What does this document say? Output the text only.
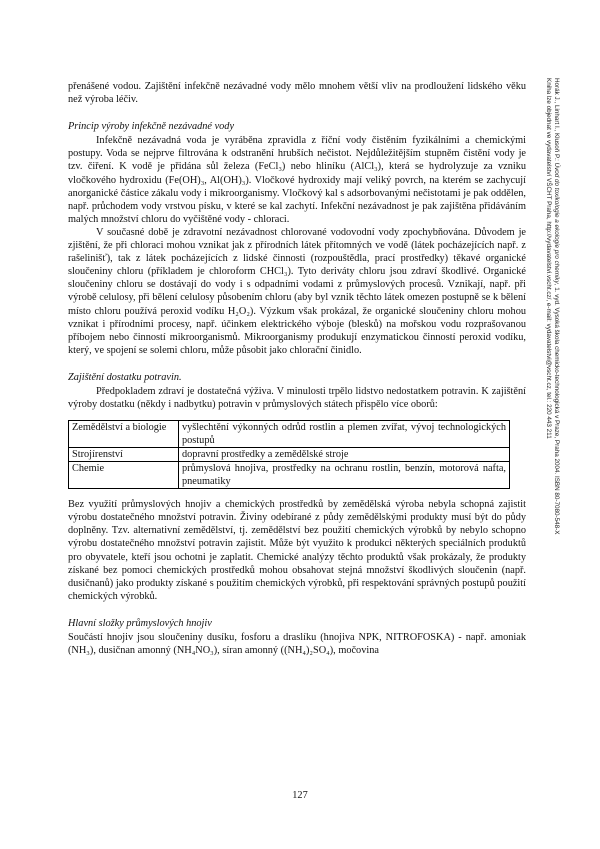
přenášené vodou. Zajištění infekčně nezávadné vody mělo mnohem větší vliv na prodloužení lidského věku než výroba léčiv.

Princip výroby infekčně nezávadné vody

Infekčně nezávadná voda je vyráběna zpravidla z říční vody čistěním fyzikálními a chemickými postupy. Voda se nejprve filtrována k odstranění hrubších nečistot. Nejdůležitějším stupněm čistění vody je tzv. čiření. K vodě je přidána sůl železa (FeCl₃) nebo hliníku (AlCl₃), která se hydrolyzuje za vzniku vločkového hydroxidu (Fe(OH)₃, Al(OH)₃). Vločkové hydroxidy mají veliký povrch, na kterém se zachycují anorganické částice zákalu vody i mikroorganismy. Vločkový kal s adsorbovanými nečistotami je pak oddělen, např. průchodem vody vrstvou písku, v které se kal zachytí. Infekční nezávadnost je pak zajištěna přidáváním malých množství chloru do vyčištěné vody - chloraci.

V současné době je zdravotní nezávadnost chlorované vodovodní vody zpochybňována. Důvodem je zjištění, že při chloraci mohou vznikat jak z přírodních látek přítomných ve vodě (látek pocházejících např. z rašelinišť), tak z látek pocházejících z lidské činnosti (rozpouštědla, prací prostředky) těkavé organické sloučeniny chloru (příkladem je chloroform CHCl₃). Tyto deriváty chloru jsou zdraví škodlivé. Organické sloučeniny chloru se dostávají do vody i s odpadními vodami z průmyslových procesů. Vznikají, např. při výrobě celulosy, při bělení celulosy působením chloru (aby byl vznik těchto látek omezen postupně se k bělení místo chloru používá peroxid vodíku H₂O₂). Výzkum však prokázal, že organické sloučeniny chloru mohou vznikat i přírodními procesy, např. účinkem elektrického výboje (blesků) na mořskou vodu rozprašovanou příbojem nebo činností mikroorganismů. Mikroorganismy produkují enzymatickou činností peroxid vodíku, který, ve spojení se solemi chloru, může působit jako chlorační činidlo.

Zajištění dostatku potravin.

Předpokladem zdraví je dostatečná výživa. V minulosti trpělo lidstvo nedostatkem potravin. K zajištění výroby dostatku (někdy i nadbytku) potravin v průmyslových státech přispělo více oborů:

Zemědělství a biologie	vyšlechtění výkonných odrůd rostlin a plemen zvířat, vývoj technologických postupů
Strojírenství	dopravní prostředky a zemědělské stroje
Chemie	průmyslová hnojiva, prostředky na ochranu rostlin, benzín, motorová nafta, pneumatiky

Bez využití průmyslových hnojiv a chemických prostředků by zemědělská výroba nebyla schopná zajistit výrobu dostatečného množství potravin. Živiny odebírané z půdy zemědělskými produkty musí být do půdy doplněny. Tzv. alternativní zemědělství, tj. zemědělství bez použití chemických výrobků by nebylo schopno výrobu dostatečného množství potravin zajistit. Může být využito k produkci některých speciálních produktů pro obyvatele, kteří jsou ochotni je zaplatit. Chemické analýzy těchto produktů však prokázaly, že produkty získané bez pomoci chemických prostředků mohou obsahovat stejná množství škodlivých sloučenin (např. dusičnanů) jako produkty získané s použitím chemických výrobků, při respektování správných postupů použití chemických výrobků.

Hlavní složky průmyslových hnojiv

Součástí hnojiv jsou sloučeniny dusíku, fosforu a draslíku (hnojiva NPK, NITROFOSKA) - např. amoniak (NH₃), dusičnan amonný (NH₄NO₃), síran amonný ((NH₄)₂SO₄), močovina

127
Horák J., Linhart I., Klusoň P.: Úvod do toxikologie a ekologie pro chemiky, 1. vyd. Vysoká škola chemicko-technologická v Praze, Praha 2004. ISBN 80-7080-548-X
Kniha lze objednat ve vydavatelství VŠCHT Praha, http://vydavatelstvi.vscht.cz/, e-mail: vydavatelstvi@vscht.cz, tel.: 220 443 211
